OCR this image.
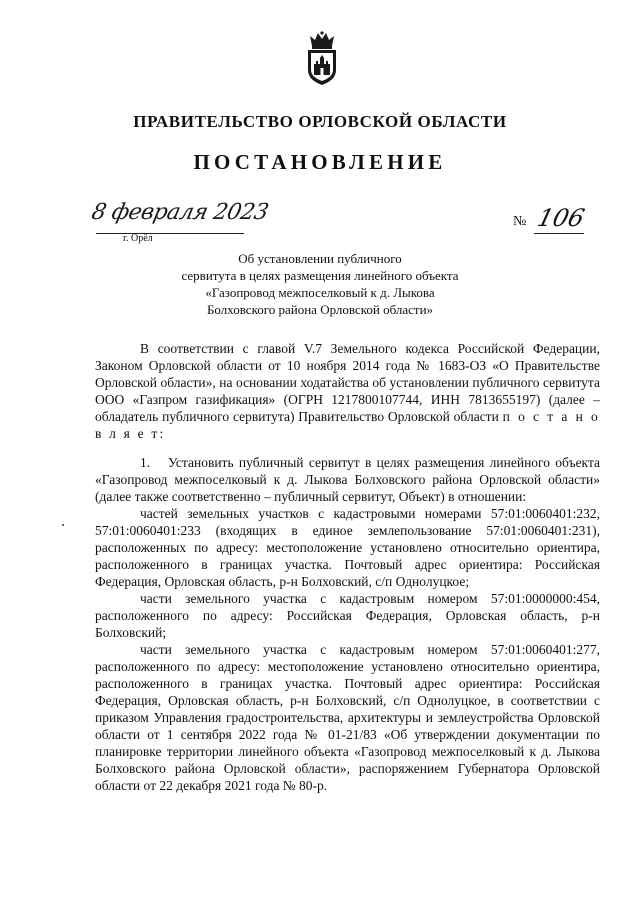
ПРАВИТЕЛЬСТВО ОРЛОВСКОЙ ОБЛАСТИ
ПОСТАНОВЛЕНИЕ
8 февраля 2023
г. Орёл
№ 106
Об установлении публичного
сервитута в целях размещения линейного объекта
«Газопровод межпоселковый к д. Лыкова
Болховского района Орловской области»

В соответствии с главой V.7 Земельного кодекса Российской Федерации, Законом Орловской области от 10 ноября 2014 года № 1683-ОЗ «О Правительстве Орловской области», на основании ходатайства об установлении публичного сервитута ООО «Газпром газификация» (ОГРН 1217800107744, ИНН 7813655197) (далее – обладатель публичного сервитута) Правительство Орловской области п о с т а н о в л я е т:

1. Установить публичный сервитут в целях размещения линейного объекта «Газопровод межпоселковый к д. Лыкова Болховского района Орловской области» (далее также соответственно – публичный сервитут, Объект) в отношении:

частей земельных участков с кадастровыми номерами 57:01:0060401:232, 57:01:0060401:233 (входящих в единое землепользование 57:01:0060401:231), расположенных по адресу: местоположение установлено относительно ориентира, расположенного в границах участка. Почтовый адрес ориентира: Российская Федерация, Орловская область, р-н Болховский, с/п Однолуцкое;

части земельного участка с кадастровым номером 57:01:0000000:454, расположенного по адресу: Российская Федерация, Орловская область, р-н Болховский;

части земельного участка с кадастровым номером 57:01:0060401:277, расположенного по адресу: местоположение установлено относительно ориентира, расположенного в границах участка. Почтовый адрес ориентира: Российская Федерация, Орловская область, р-н Болховский, с/п Однолуцкое, в соответствии с приказом Управления градостроительства, архитектуры и землеустройства Орловской области от 1 сентября 2022 года № 01-21/83 «Об утверждении документации по планировке территории линейного объекта «Газопровод межпоселковый к д. Лыкова Болховского района Орловской области», распоряжением Губернатора Орловской области от 22 декабря 2021 года № 80-р.
